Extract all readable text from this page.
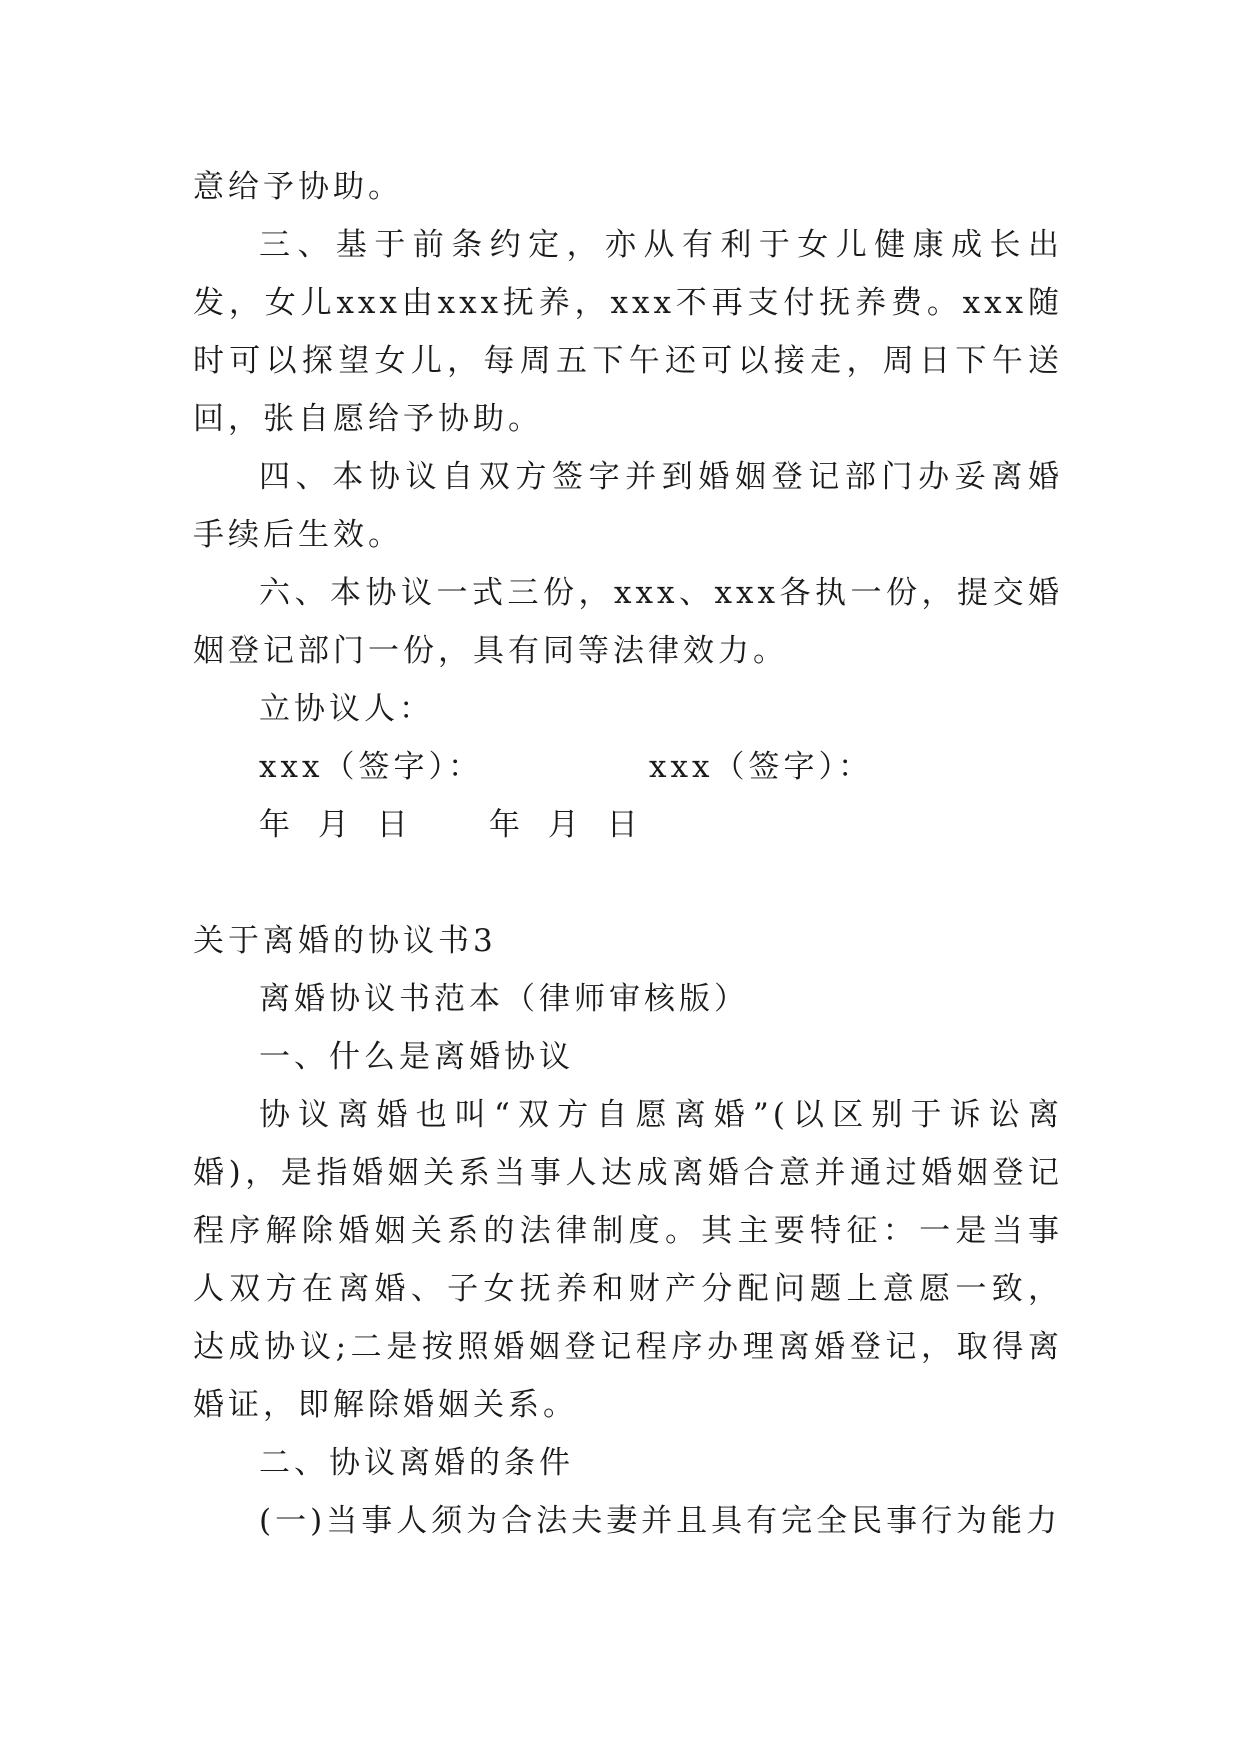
意给予协助。

三、基于前条约定，亦从有利于女儿健康成长出发，女儿xxx由xxx抚养，xxx不再支付抚养费。xxx随时可以探望女儿，每周五下午还可以接走，周日下午送回，张自愿给予协助。

四、本协议自双方签字并到婚姻登记部门办妥离婚手续后生效。

六、本协议一式三份，xxx、xxx各执一份，提交婚姻登记部门一份，具有同等法律效力。

立协议人：

xxx（签字）：	xxx（签字）：
年 月 日 年 月 日

关于离婚的协议书3

离婚协议书范本（律师审核版）

一、什么是离婚协议

协议离婚也叫“双方自愿离婚”(以区别于诉讼离婚)，是指婚姻关系当事人达成离婚合意并通过婚姻登记程序解除婚姻关系的法律制度。其主要特征：一是当事人双方在离婚、子女抚养和财产分配问题上意愿一致，达成协议;二是按照婚姻登记程序办理离婚登记，取得离婚证，即解除婚姻关系。

二、协议离婚的条件

(一)当事人须为合法夫妻并且具有完全民事行为能力
